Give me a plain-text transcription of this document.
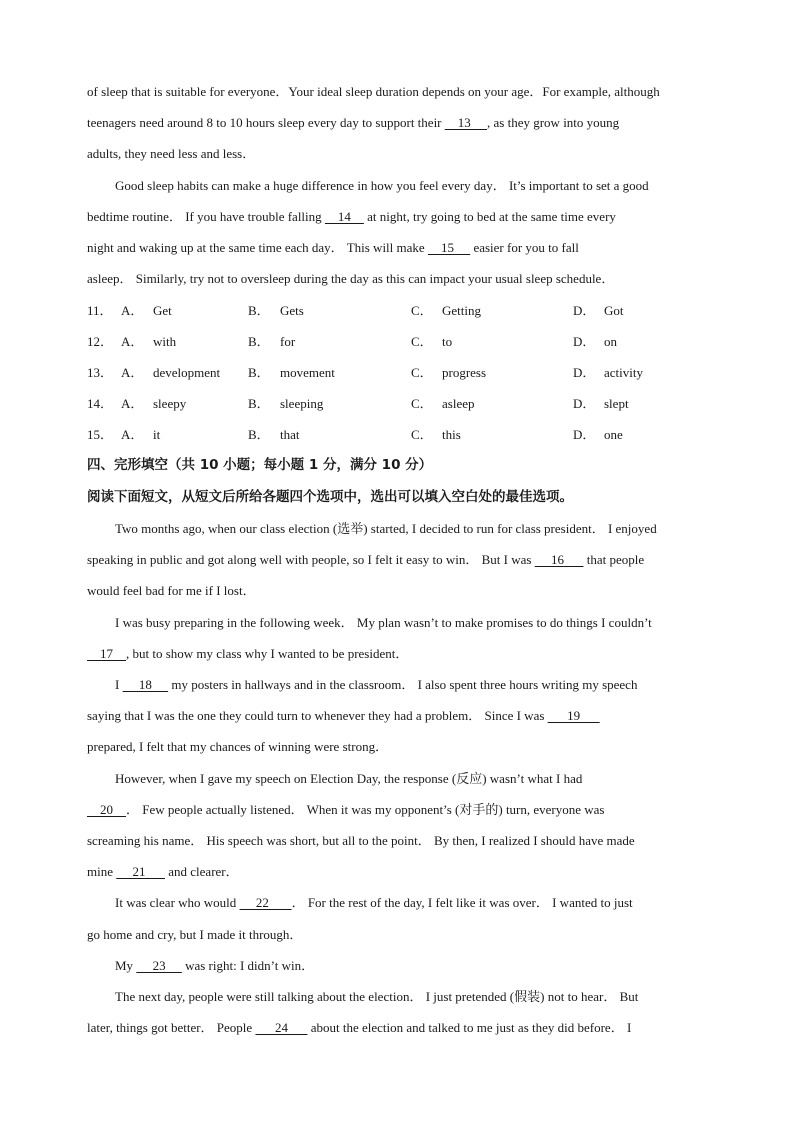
of sleep that is suitable for everyone．Your ideal sleep duration depends on your age．For example, although
teenagers need around 8 to 10 hours sleep every day to support their     13     , as they grow into young
adults, they need less and less．
Good sleep habits can make a huge difference in how you feel every day． It’s important to set a good
bedtime routine． If you have trouble falling     14     at night, try going to bed at the same time every
night and waking up at the same time each day． This will make     15      easier for you to fall
asleep． Similarly, try not to oversleep during the day as this can impact your usual sleep schedule．
11． A． Get	B． Gets	C． Getting	D． Got
12． A． with	B． for	C． to	D． on
13． A． development B． movement	C． progress	D． activity
14． A． sleepy	B． sleeping	C． asleep	D． slept
15． A． it	B． that	C． this	D． one
四、完形填空（共 10 小题；每小题 1 分，满分 10 分）
阅读下面短文，从短文后所给各题四个选项中，选出可以填入空白处的最佳选项。
Two months ago, when our class election (选举) started, I decided to run for class president． I enjoyed
speaking in public and got along well with people, so I felt it easy to win． But I was      16       that people
would feel bad for me if I lost．
I was busy preparing in the following week． My plan wasn’t to make promises to do things I couldn’t
17    , but to show my class why I wanted to be president．
I      18      my posters in hallways and in the classroom． I also spent three hours writing my speech
saying that I was the one they could turn to whenever they had a problem． Since I was       19
prepared, I felt that my chances of winning were strong．
However, when I gave my speech on Election Day, the response (反应) wasn’t what I had
20    ． Few people actually listened． When it was my opponent’s (对手的) turn, everyone was
screaming his name． His speech was short, but all to the point． By then, I realized I should have made
mine      21       and clearer．
It was clear who would      22       ． For the rest of the day, I felt like it was over． I wanted to just
go home and cry, but I made it through．
My      23      was right: I didn’t win．
The next day, people were still talking about the election． I just pretended (假装) not to hear． But
later, things got better． People       24       about the election and talked to me just as they did before． I
